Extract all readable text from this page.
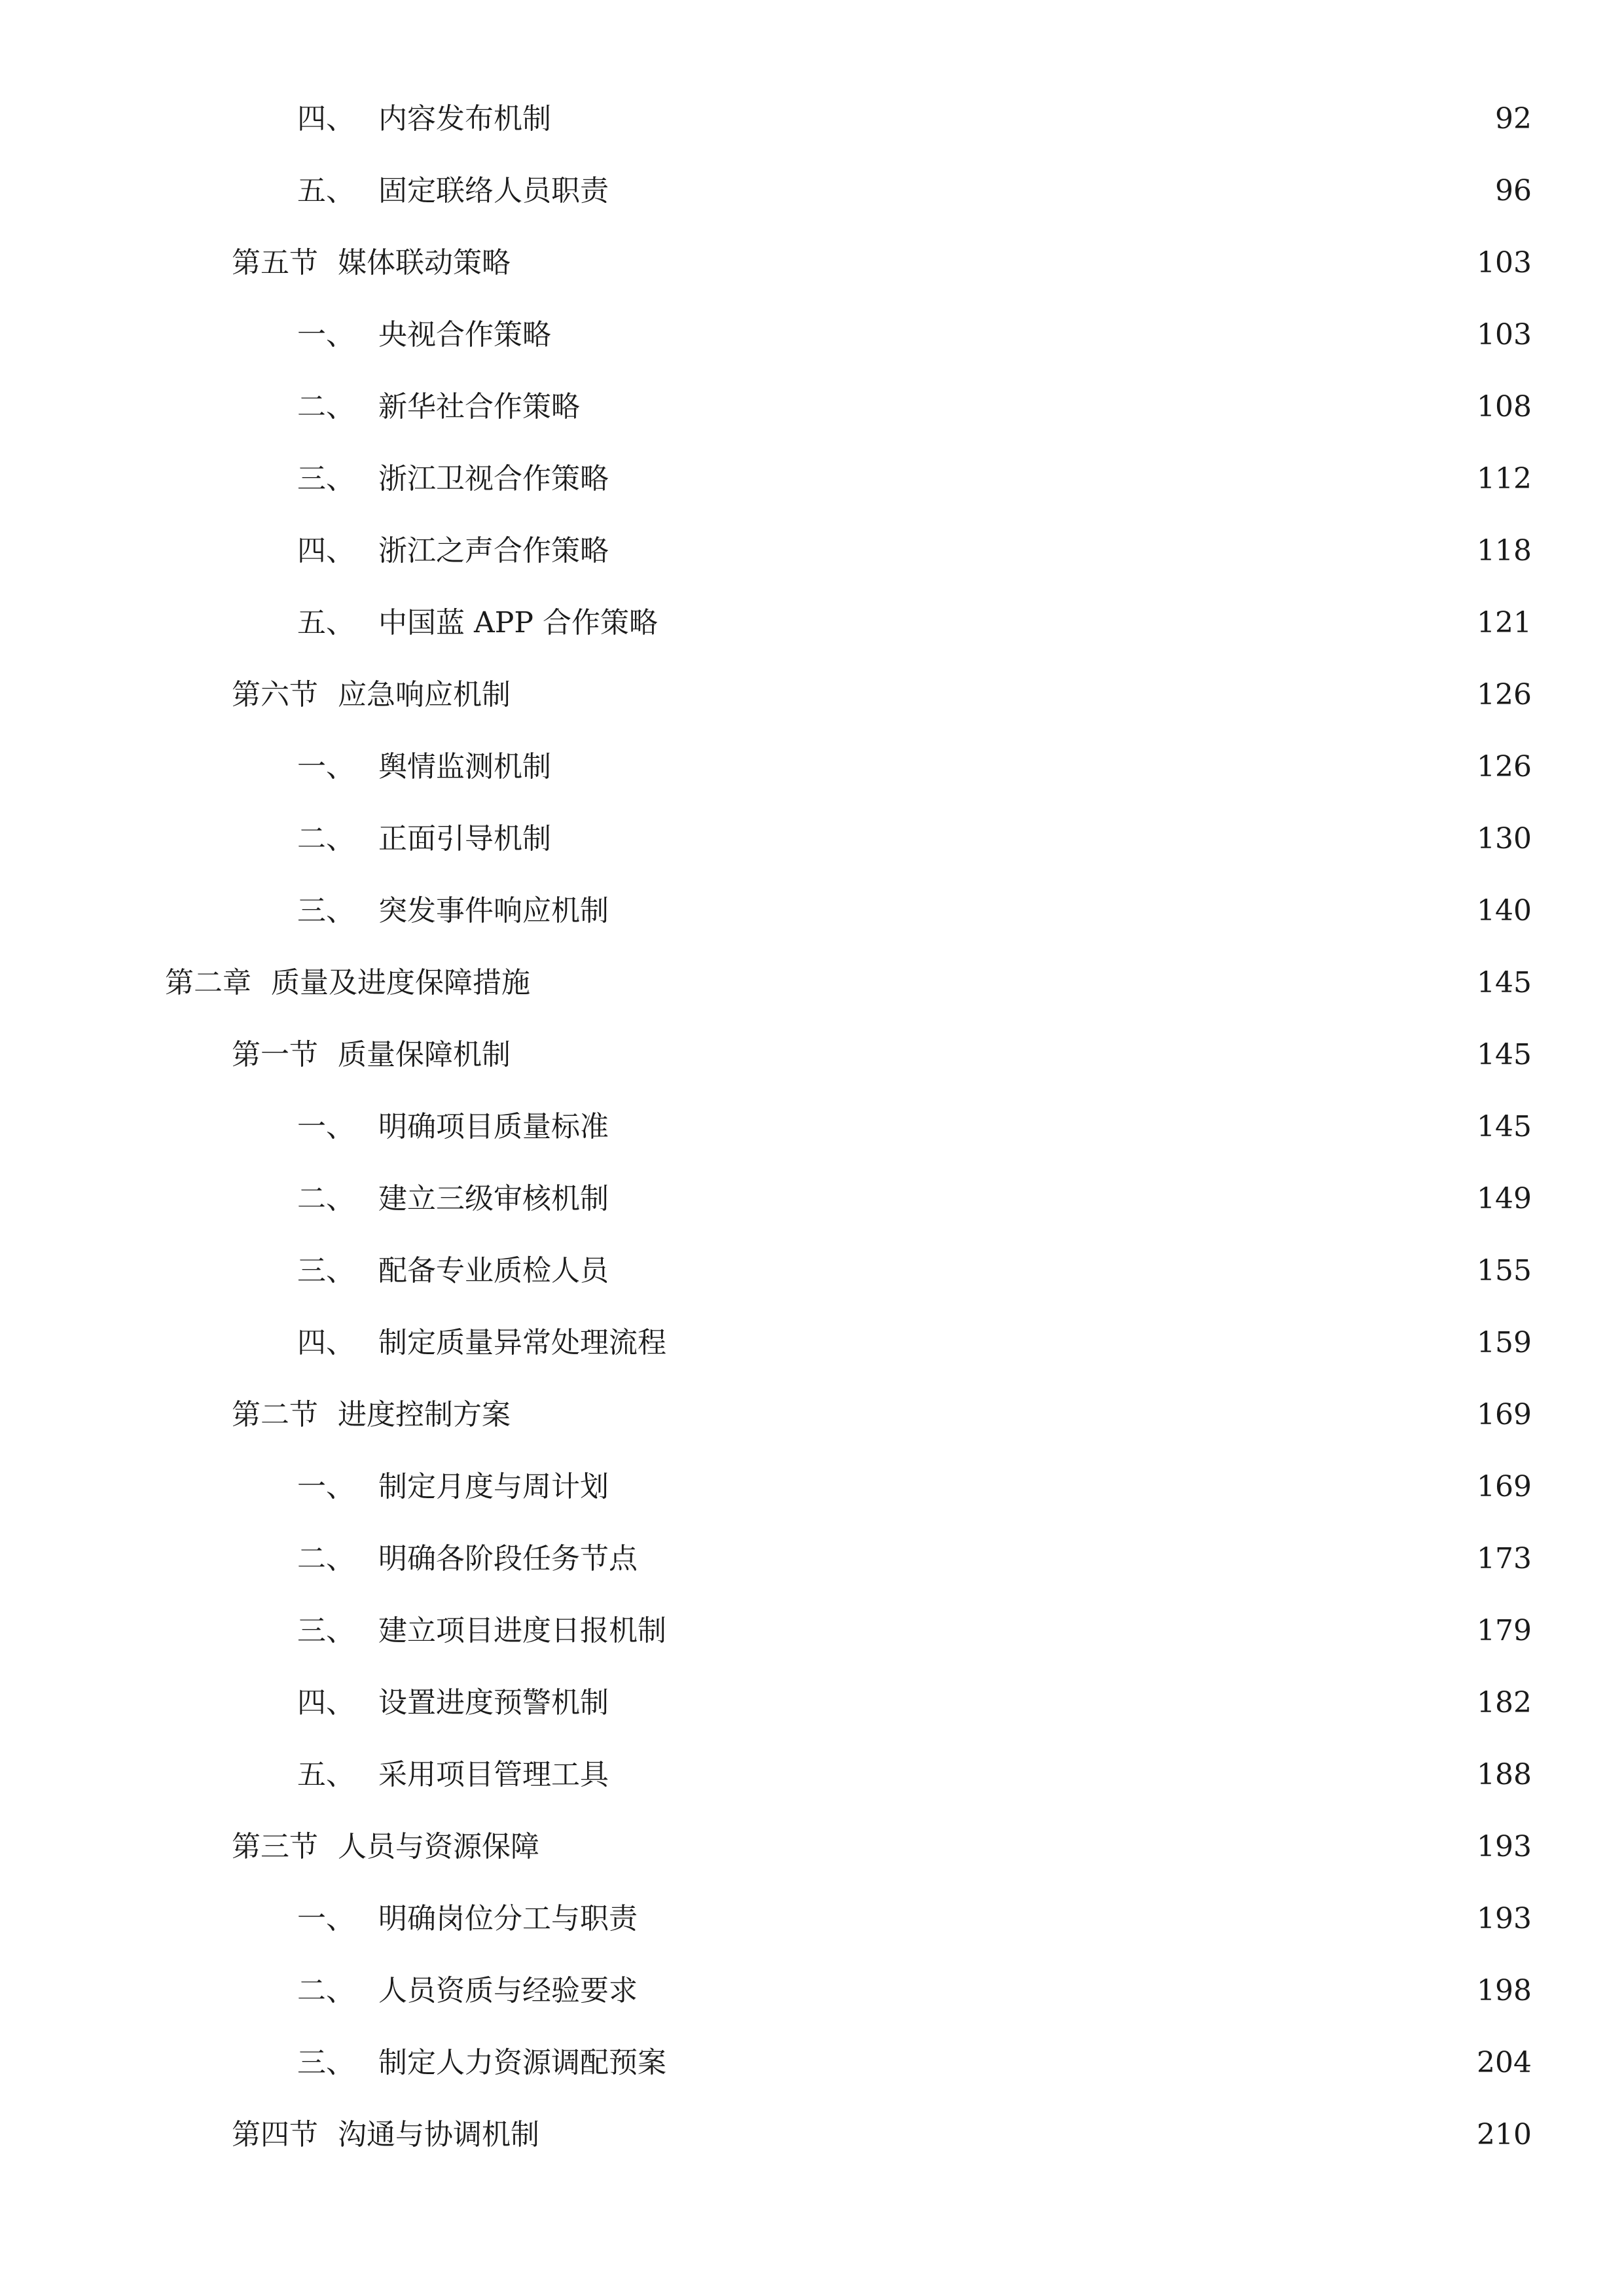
四、 内容发布机制	92
五、 固定联络人员职责	96
第五节 媒体联动策略	103
一、 央视合作策略	103
二、 新华社合作策略	108
三、 浙江卫视合作策略	112
四、 浙江之声合作策略	118
五、 中国蓝 APP 合作策略	121
第六节 应急响应机制	126
一、 舆情监测机制	126
二、 正面引导机制	130
三、 突发事件响应机制	140
第二章 质量及进度保障措施	145
第一节 质量保障机制	145
一、 明确项目质量标准	145
二、 建立三级审核机制	149
三、 配备专业质检人员	155
四、 制定质量异常处理流程	159
第二节 进度控制方案	169
一、 制定月度与周计划	169
二、 明确各阶段任务节点	173
三、 建立项目进度日报机制	179
四、 设置进度预警机制	182
五、 采用项目管理工具	188
第三节 人员与资源保障	193
一、 明确岗位分工与职责	193
二、 人员资质与经验要求	198
三、 制定人力资源调配预案	204
第四节 沟通与协调机制	210
